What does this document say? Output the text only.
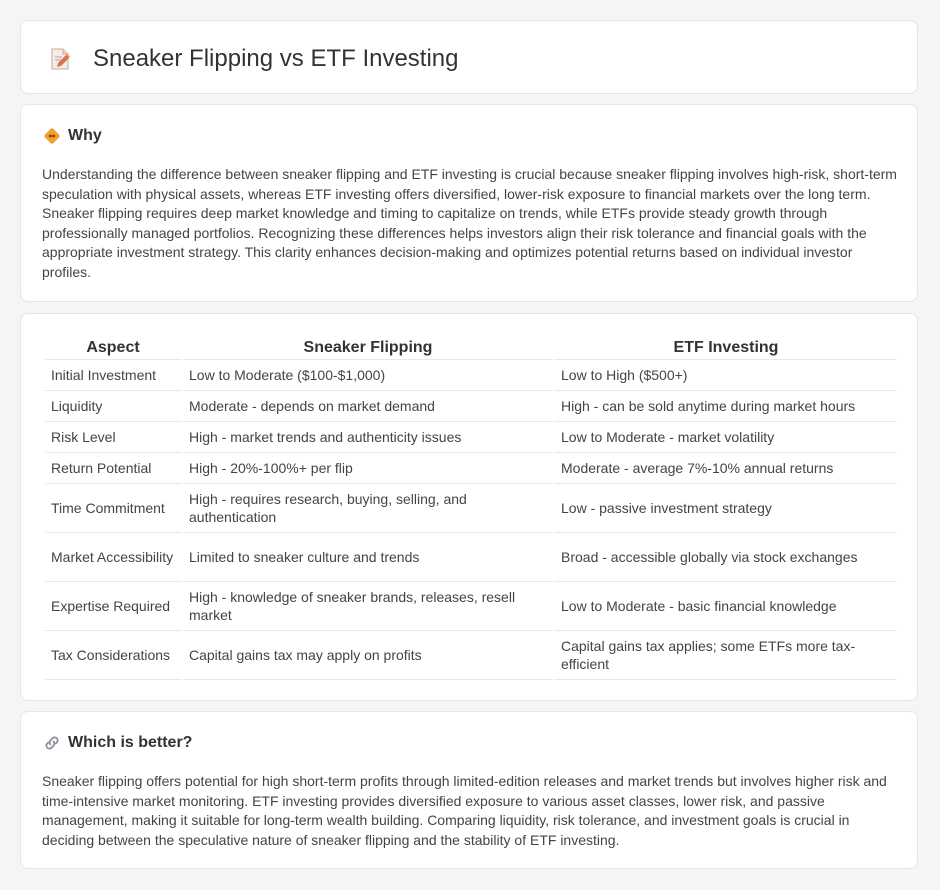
Sneaker Flipping vs ETF Investing
Why

Understanding the difference between sneaker flipping and ETF investing is crucial because sneaker flipping involves high-risk, short-term speculation with physical assets, whereas ETF investing offers diversified, lower-risk exposure to financial markets over the long term. Sneaker flipping requires deep market knowledge and timing to capitalize on trends, while ETFs provide steady growth through professionally managed portfolios. Recognizing these differences helps investors align their risk tolerance and financial goals with the appropriate investment strategy. This clarity enhances decision-making and optimizes potential returns based on individual investor profiles.

Aspect	Sneaker Flipping	ETF Investing
Initial Investment	Low to Moderate ($100-$1,000)	Low to High ($500+)
Liquidity	Moderate - depends on market demand	High - can be sold anytime during market hours
Risk Level	High - market trends and authenticity issues	Low to Moderate - market volatility
Return Potential	High - 20%-100%+ per flip	Moderate - average 7%-10% annual returns
Time Commitment	High - requires research, buying, selling, and authentication	Low - passive investment strategy
Market Accessibility	Limited to sneaker culture and trends	Broad - accessible globally via stock exchanges
Expertise Required	High - knowledge of sneaker brands, releases, resell market	Low to Moderate - basic financial knowledge
Tax Considerations	Capital gains tax may apply on profits	Capital gains tax applies; some ETFs more tax-efficient
Which is better?

Sneaker flipping offers potential for high short-term profits through limited-edition releases and market trends but involves higher risk and time-intensive market monitoring. ETF investing provides diversified exposure to various asset classes, lower risk, and passive management, making it suitable for long-term wealth building. Comparing liquidity, risk tolerance, and investment goals is crucial in deciding between the speculative nature of sneaker flipping and the stability of ETF investing.
